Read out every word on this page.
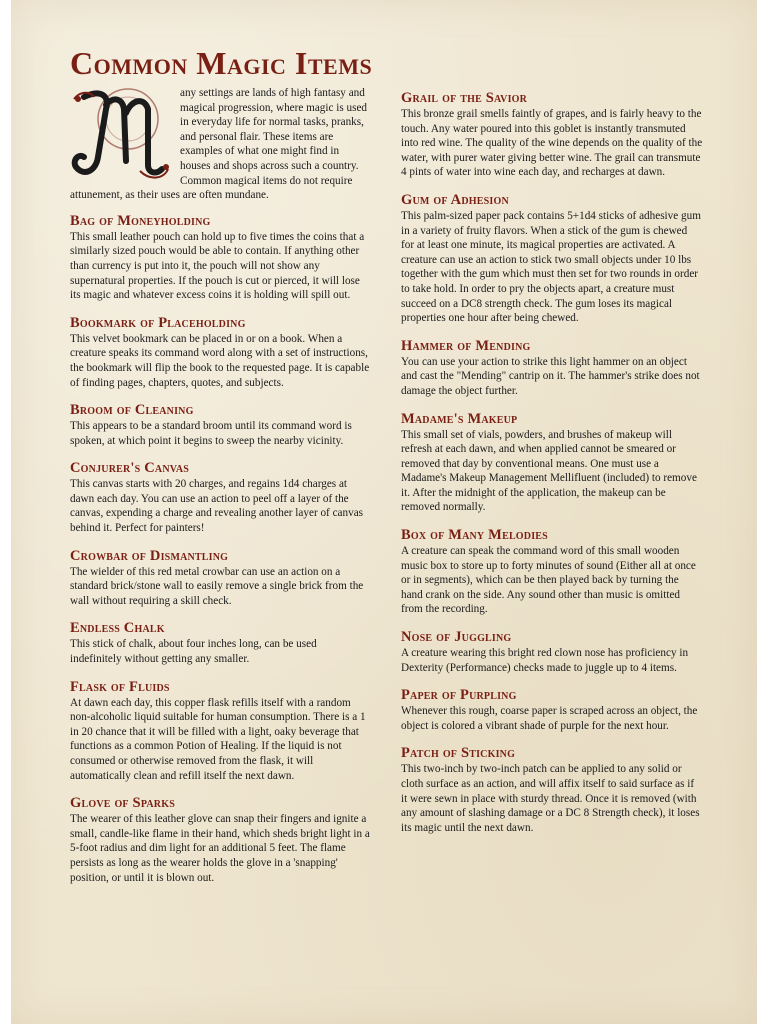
Common Magic Items

any settings are lands of high fantasy and magical progression, where magic is used in everyday life for normal tasks, pranks, and personal flair. These items are examples of what one might find in houses and shops across such a country. Common magical items do not require attunement, as their uses are often mundane.

Bag of Moneyholding

This small leather pouch can hold up to five times the coins that a similarly sized pouch would be able to contain. If anything other than currency is put into it, the pouch will not show any supernatural properties. If the pouch is cut or pierced, it will lose its magic and whatever excess coins it is holding will spill out.

Bookmark of Placeholding

This velvet bookmark can be placed in or on a book. When a creature speaks its command word along with a set of instructions, the bookmark will flip the book to the requested page. It is capable of finding pages, chapters, quotes, and subjects.

Broom of Cleaning

This appears to be a standard broom until its command word is spoken, at which point it begins to sweep the nearby vicinity.

Conjurer's Canvas

This canvas starts with 20 charges, and regains 1d4 charges at dawn each day. You can use an action to peel off a layer of the canvas, expending a charge and revealing another layer of canvas behind it. Perfect for painters!

Crowbar of Dismantling

The wielder of this red metal crowbar can use an action on a standard brick/stone wall to easily remove a single brick from the wall without requiring a skill check.

Endless Chalk

This stick of chalk, about four inches long, can be used indefinitely without getting any smaller.

Flask of Fluids

At dawn each day, this copper flask refills itself with a random non-alcoholic liquid suitable for human consumption. There is a 1 in 20 chance that it will be filled with a light, oaky beverage that functions as a common Potion of Healing. If the liquid is not consumed or otherwise removed from the flask, it will automatically clean and refill itself the next dawn.

Glove of Sparks

The wearer of this leather glove can snap their fingers and ignite a small, candle-like flame in their hand, which sheds bright light in a 5-foot radius and dim light for an additional 5 feet. The flame persists as long as the wearer holds the glove in a 'snapping' position, or until it is blown out.

Grail of the Savior

This bronze grail smells faintly of grapes, and is fairly heavy to the touch. Any water poured into this goblet is instantly transmuted into red wine. The quality of the wine depends on the quality of the water, with purer water giving better wine. The grail can transmute 4 pints of water into wine each day, and recharges at dawn.

Gum of Adhesion

This palm-sized paper pack contains 5+1d4 sticks of adhesive gum in a variety of fruity flavors. When a stick of the gum is chewed for at least one minute, its magical properties are activated. A creature can use an action to stick two small objects under 10 lbs together with the gum which must then set for two rounds in order to take hold. In order to pry the objects apart, a creature must succeed on a DC8 strength check. The gum loses its magical properties one hour after being chewed.

Hammer of Mending

You can use your action to strike this light hammer on an object and cast the "Mending" cantrip on it. The hammer's strike does not damage the object further.

Madame's Makeup

This small set of vials, powders, and brushes of makeup will refresh at each dawn, and when applied cannot be smeared or removed that day by conventional means. One must use a Madame's Makeup Management Mellifluent (included) to remove it. After the midnight of the application, the makeup can be removed normally.

Box of Many Melodies

A creature can speak the command word of this small wooden music box to store up to forty minutes of sound (Either all at once or in segments), which can be then played back by turning the hand crank on the side. Any sound other than music is omitted from the recording.

Nose of Juggling

A creature wearing this bright red clown nose has proficiency in Dexterity (Performance) checks made to juggle up to 4 items.

Paper of Purpling

Whenever this rough, coarse paper is scraped across an object, the object is colored a vibrant shade of purple for the next hour.

Patch of Sticking

This two-inch by two-inch patch can be applied to any solid or cloth surface as an action, and will affix itself to said surface as if it were sewn in place with sturdy thread. Once it is removed (with any amount of slashing damage or a DC 8 Strength check), it loses its magic until the next dawn.
